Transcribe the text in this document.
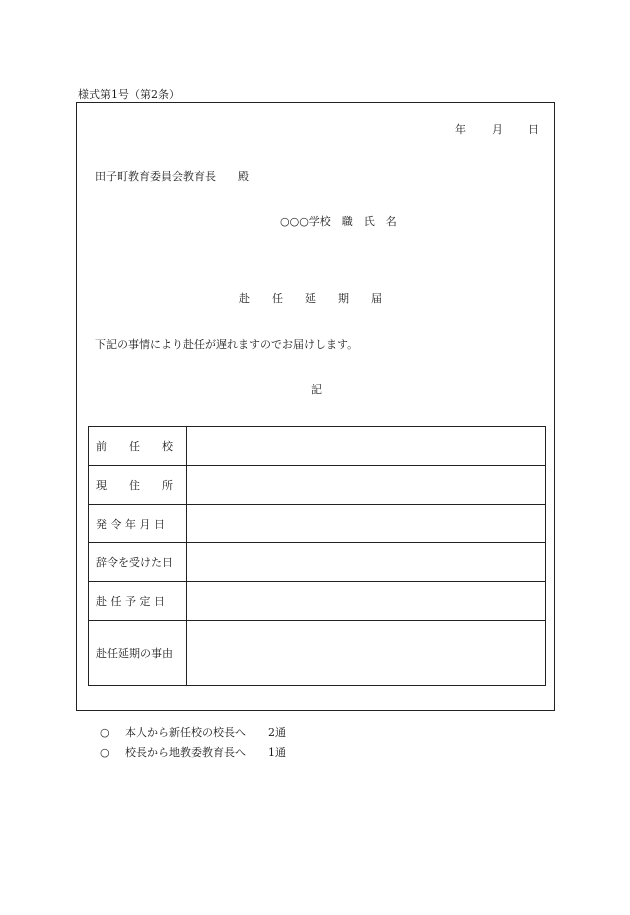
様式第1号（第2条）
年 月 日
田子町教育委員会教育長　　殿
○○○学校　職　氏　名
赴　　任　　延　　期　　届
下記の事情により赴任が遅れますのでお届けします。
記
前　　任　　校	
現　　住　　所	
発 令 年 月 日	
辞令を受けた日	
赴 任 予 定 日	
赴任延期の事由	
○ 本人から新任校の校長へ 2通
○ 校長から地教委教育長へ 1通
